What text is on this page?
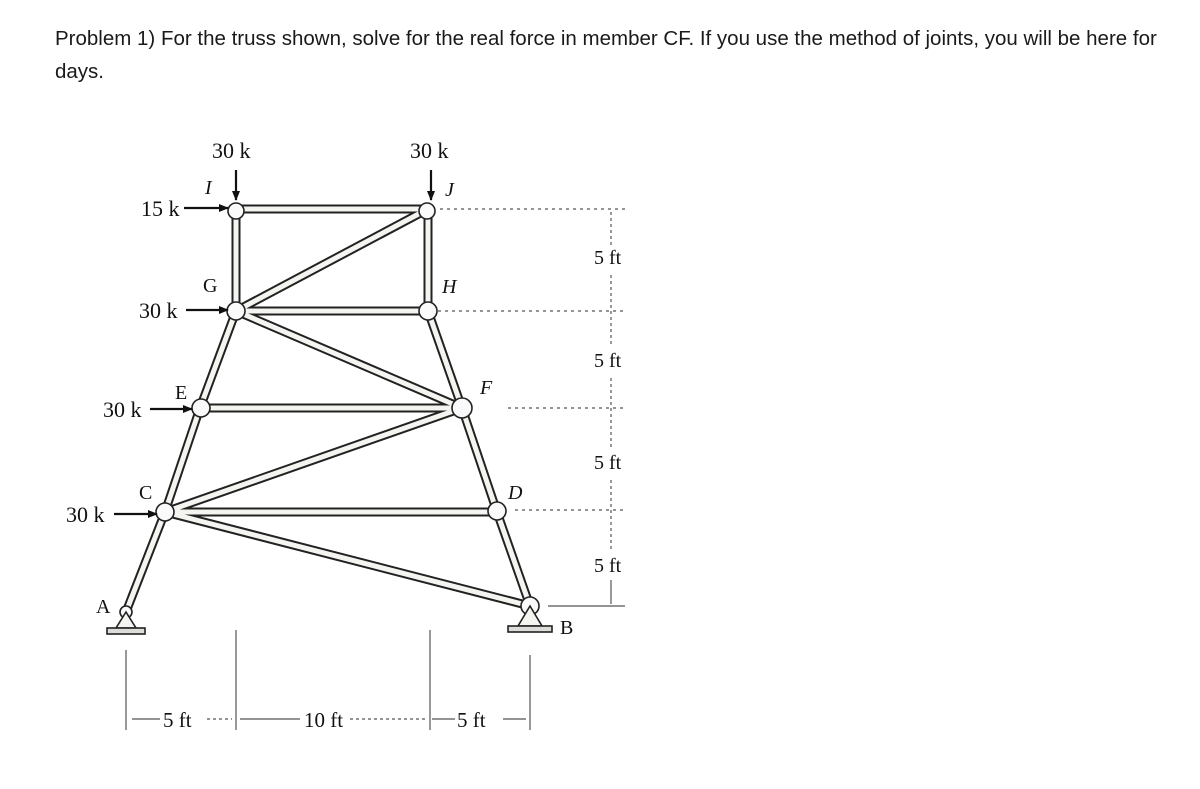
Problem 1) For the truss shown, solve for the real force in member CF. If you use the method of joints, you will be here for days.

I	J
G	H
E	F
C	D
A
B
30 k	30 k
15 k
30 k
30 k
30 k
5 ft
5 ft
5 ft
5 ft
5 ft	10 ft	5 ft
